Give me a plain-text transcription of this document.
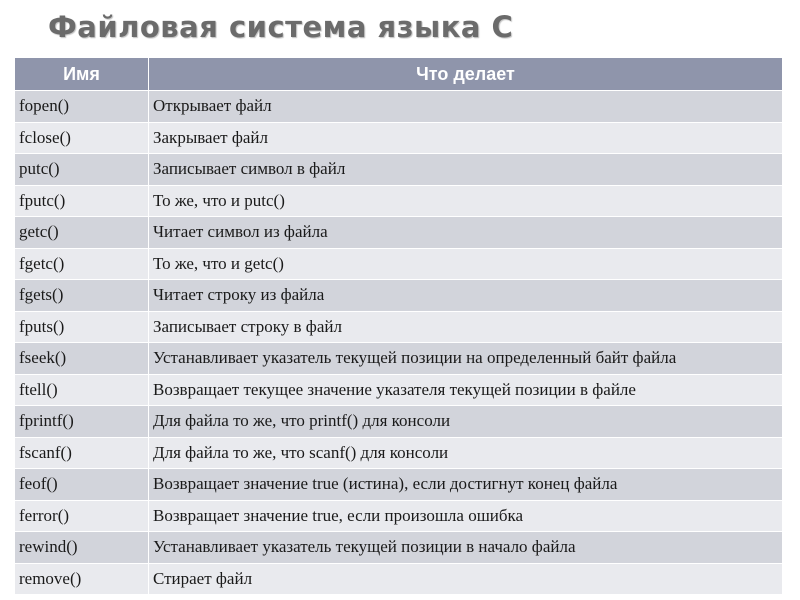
Файловая система языка С
Имя	Что делает
fopen()	Открывает файл
fclose()	Закрывает файл
putc()	Записывает символ в файл
fputc()	То же, что и putc()
getc()	Читает символ из файла
fgetc()	То же, что и getc()
fgets()	Читает строку из файла
fputs()	Записывает строку в файл
fseek()	Устанавливает указатель текущей позиции на определенный байт файла
ftell()	Возвращает текущее значение указателя текущей позиции в файле
fprintf()	Для файла то же, что printf() для консоли
fscanf()	Для файла то же, что scanf() для консоли
feof()	Возвращает значение true (истина), если достигнут конец файла
ferror()	Возвращает значение true, если произошла ошибка
rewind()	Устанавливает указатель текущей позиции в начало файла
remove()	Стирает файл
